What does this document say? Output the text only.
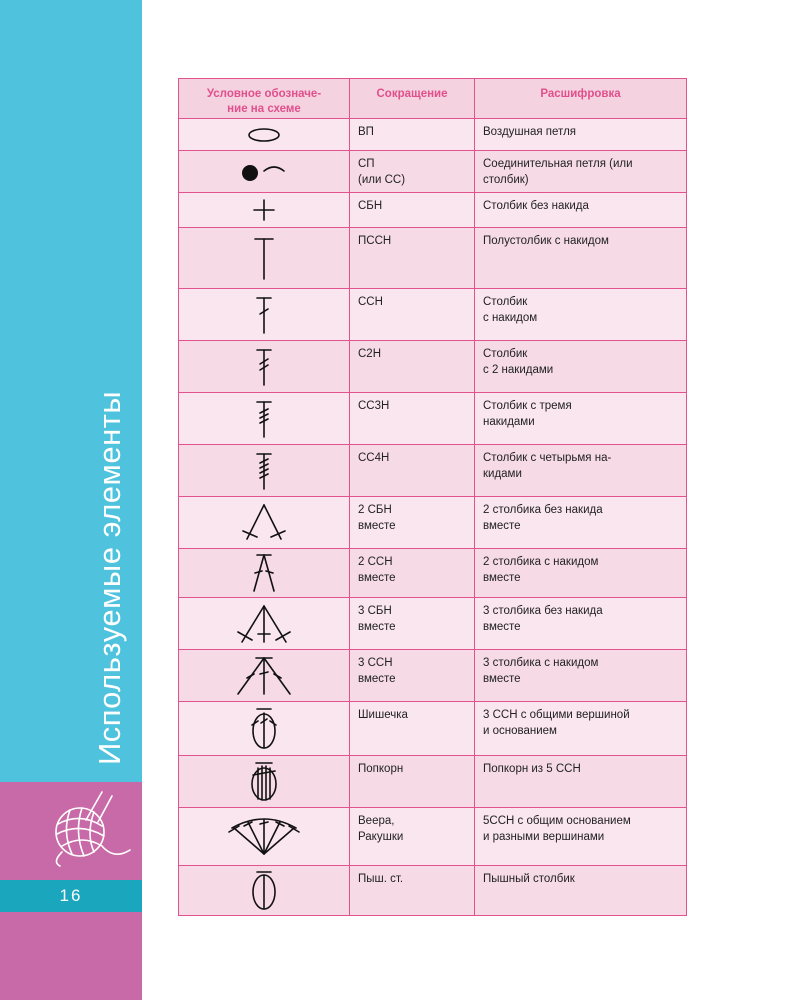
16
Используемые элементы
Условное обозначе-
ние на схеме	Сокращение	Расшифровка

	ВП	Воздушная петля

	СП
(или СС)	Соединительная петля (или
столбик)

	СБН	Столбик без накида

	ПССН	Полустолбик с накидом

	ССН	Столбик
с накидом

	С2Н	Столбик
с 2 накидами

	СС3Н	Столбик с тремя
накидами

	СС4Н	Столбик с четырьмя на-
кидами

	2 СБН
вместе	2 столбика без накида
вместе

	2 ССН
вместе	2 столбика с накидом
вместе

	3 СБН
вместе	3 столбика без накида
вместе

	3 ССН
вместе	3 столбика с накидом
вместе

	Шишечка	3 ССН с общими вершиной
и основанием

	Попкорн	Попкорн из 5 ССН

	Веера,
Ракушки	5ССН с общим основанием
и разными вершинами

	Пыш. ст.	Пышный столбик
